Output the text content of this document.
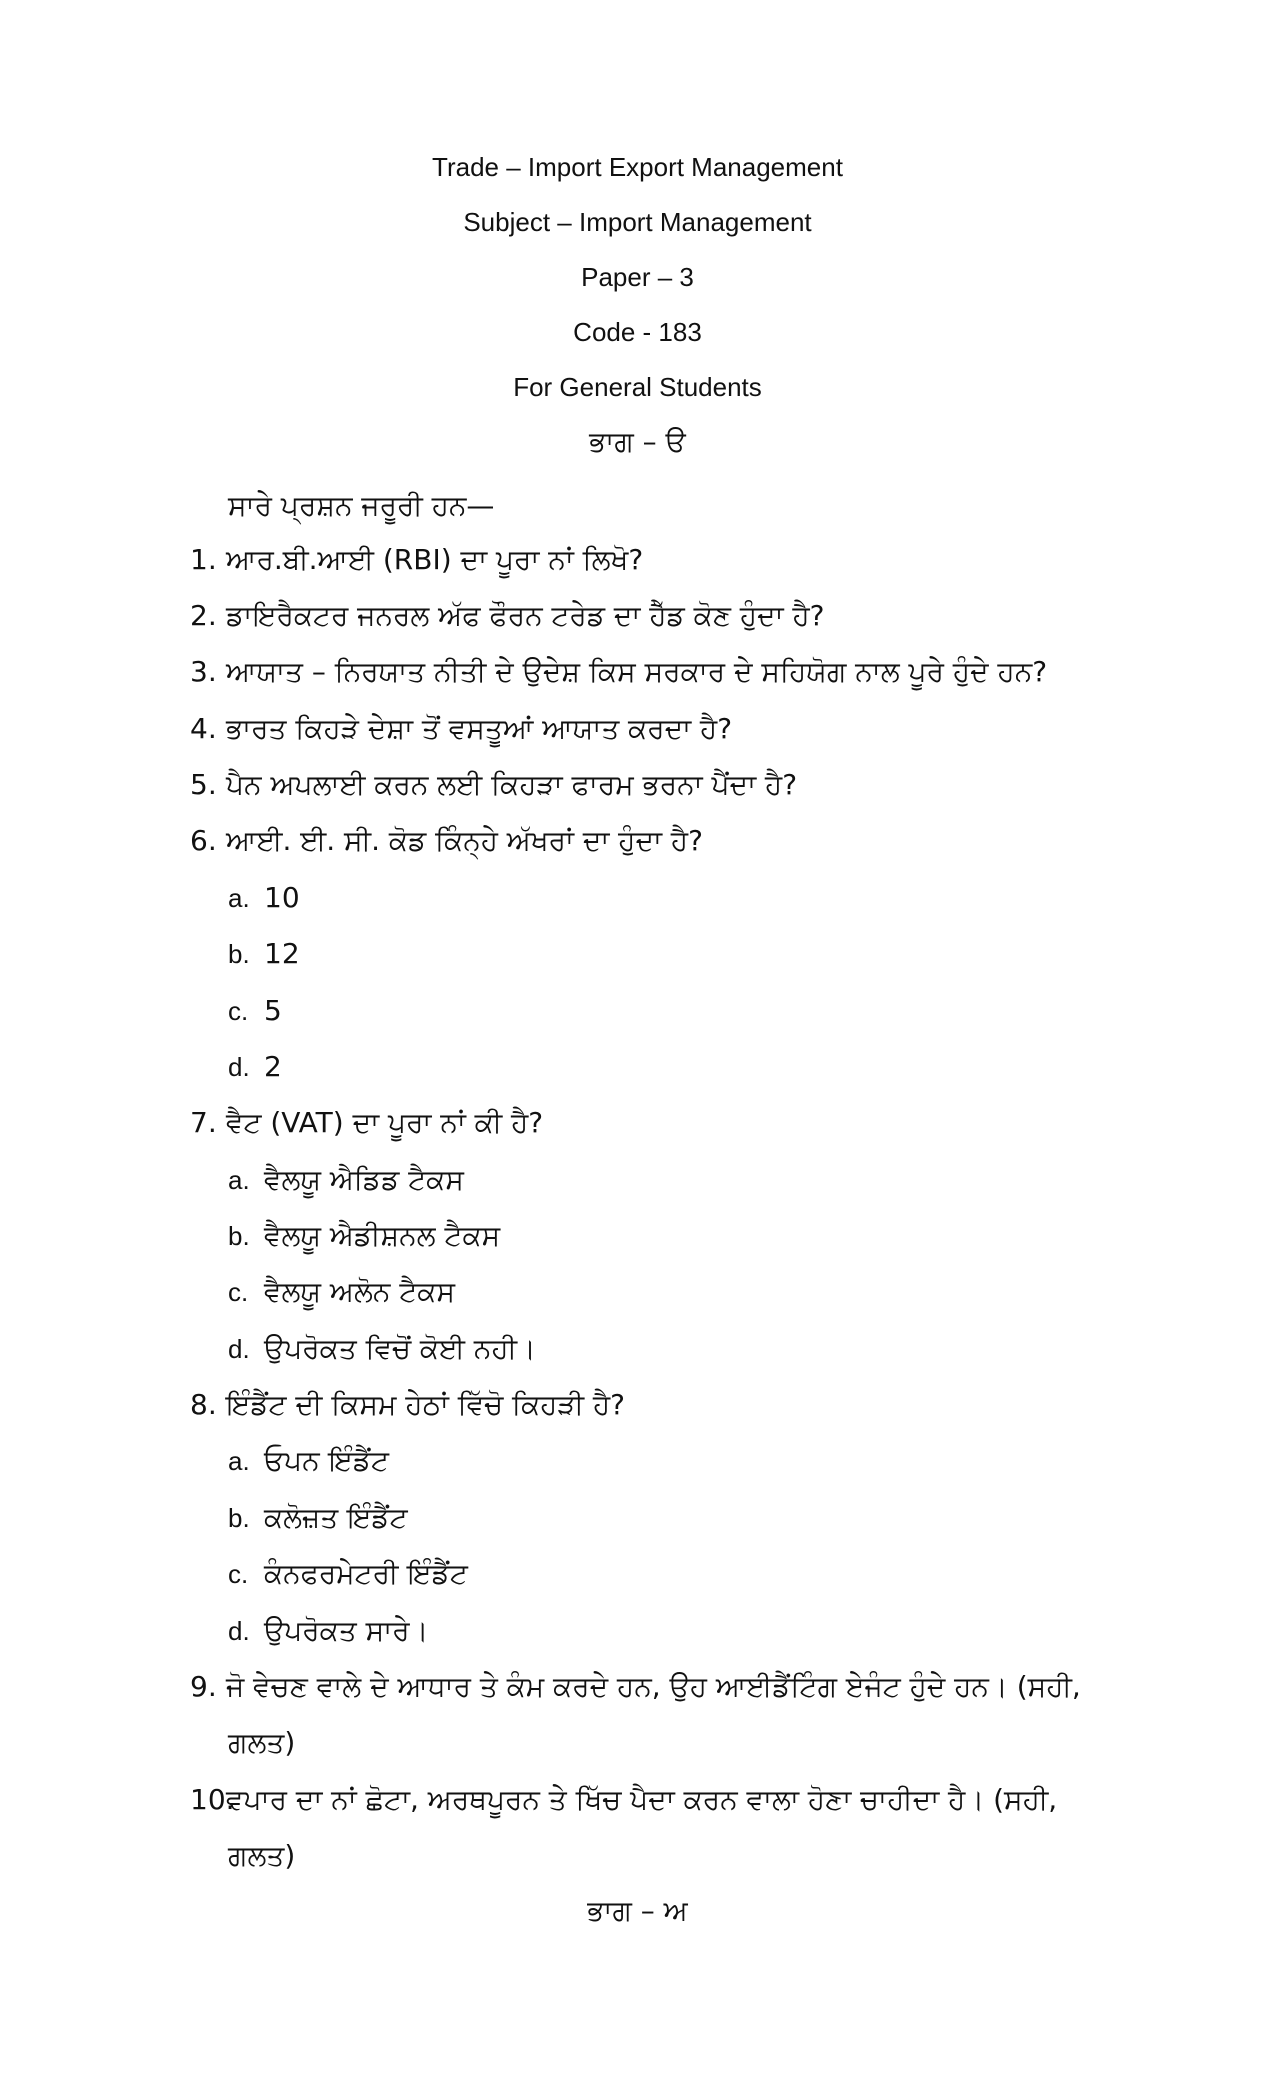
Trade – Import Export Management
Subject – Import Management
Paper – 3
Code - 183
For General Students
ਭਾਗ – ੳ
ਸਾਰੇ ਪ੍ਰਸ਼ਨ ਜਰੂਰੀ ਹਨ—
1. ਆਰ.ਬੀ.ਆਈ (RBI) ਦਾ ਪੂਰਾ ਨਾਂ ਲਿਖੋ?
2. ਡਾਇਰੈਕਟਰ ਜਨਰਲ ਅੱਫ ਫੌਰਨ ਟਰੇਡ ਦਾ ਹੈੱਡ ਕੋਣ ਹੁੰਦਾ ਹੈ?
3. ਆਯਾਤ – ਨਿਰਯਾਤ ਨੀਤੀ ਦੇ ਉਦੇਸ਼ ਕਿਸ ਸਰਕਾਰ ਦੇ ਸਹਿਯੋਗ ਨਾਲ ਪੂਰੇ ਹੁੰਦੇ ਹਨ?
4. ਭਾਰਤ ਕਿਹੜੇ ਦੇਸ਼ਾ ਤੋਂ ਵਸਤੂਆਂ ਆਯਾਤ ਕਰਦਾ ਹੈ?
5. ਪੈਨ ਅਪਲਾਈ ਕਰਨ ਲਈ ਕਿਹੜਾ ਫਾਰਮ ਭਰਨਾ ਪੈਂਦਾ ਹੈ?
6. ਆਈ. ਈ. ਸੀ. ਕੋਡ ਕਿੰਨ੍ਹੇ ਅੱਖਰਾਂ ਦਾ ਹੁੰਦਾ ਹੈ?
a. 10
b. 12
c. 5
d. 2
7. ਵੈਟ (VAT) ਦਾ ਪੂਰਾ ਨਾਂ ਕੀ ਹੈ?
a. ਵੈਲਯੂ ਐਡਿਡ ਟੈਕਸ
b. ਵੈਲਯੂ ਐਡੀਸ਼ਨਲ ਟੈਕਸ
c. ਵੈਲਯੂ ਅਲੋਨ ਟੈਕਸ
d. ਉਪਰੋਕਤ ਵਿਚੋਂ ਕੋਈ ਨਹੀ।
8. ਇੰਡੈਂਟ ਦੀ ਕਿਸਮ ਹੇਠਾਂ ਵਿੱਚੋ ਕਿਹੜੀ ਹੈ?
a. ਓਪਨ ਇੰਡੈਂਟ
b. ਕਲੋਜ਼ਤ ਇੰਡੈਂਟ
c. ਕੰਨਫਰਮੇਟਰੀ ਇੰਡੈਂਟ
d. ਉਪਰੋਕਤ ਸਾਰੇ।
9. ਜੋ ਵੇਚਣ ਵਾਲੇ ਦੇ ਆਧਾਰ ਤੇ ਕੰਮ ਕਰਦੇ ਹਨ, ਉਹ ਆਈਡੈਂਟਿੰਗ ਏਜੰਟ ਹੁੰਦੇ ਹਨ। (ਸਹੀ,
ਗਲਤ)
10.ਵਪਾਰ ਦਾ ਨਾਂ ਛੋਟਾ, ਅਰਥਪੂਰਨ ਤੇ ਖਿੱਚ ਪੈਦਾ ਕਰਨ ਵਾਲਾ ਹੋਣਾ ਚਾਹੀਦਾ ਹੈ। (ਸਹੀ,
ਗਲਤ)
ਭਾਗ – ਅ
